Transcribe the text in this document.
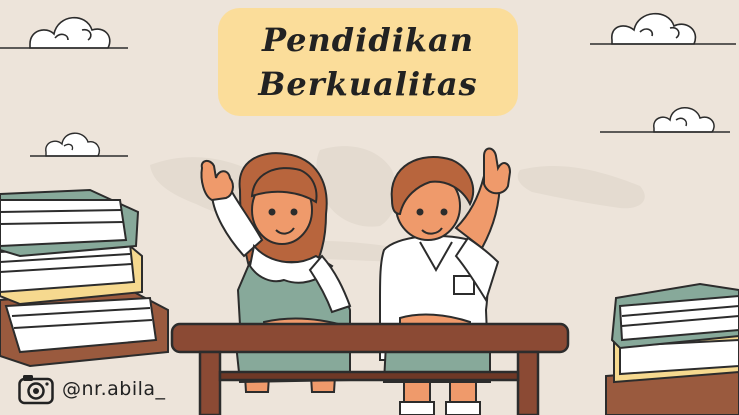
Pendidikan
Berkualitas
@nr.abila_
